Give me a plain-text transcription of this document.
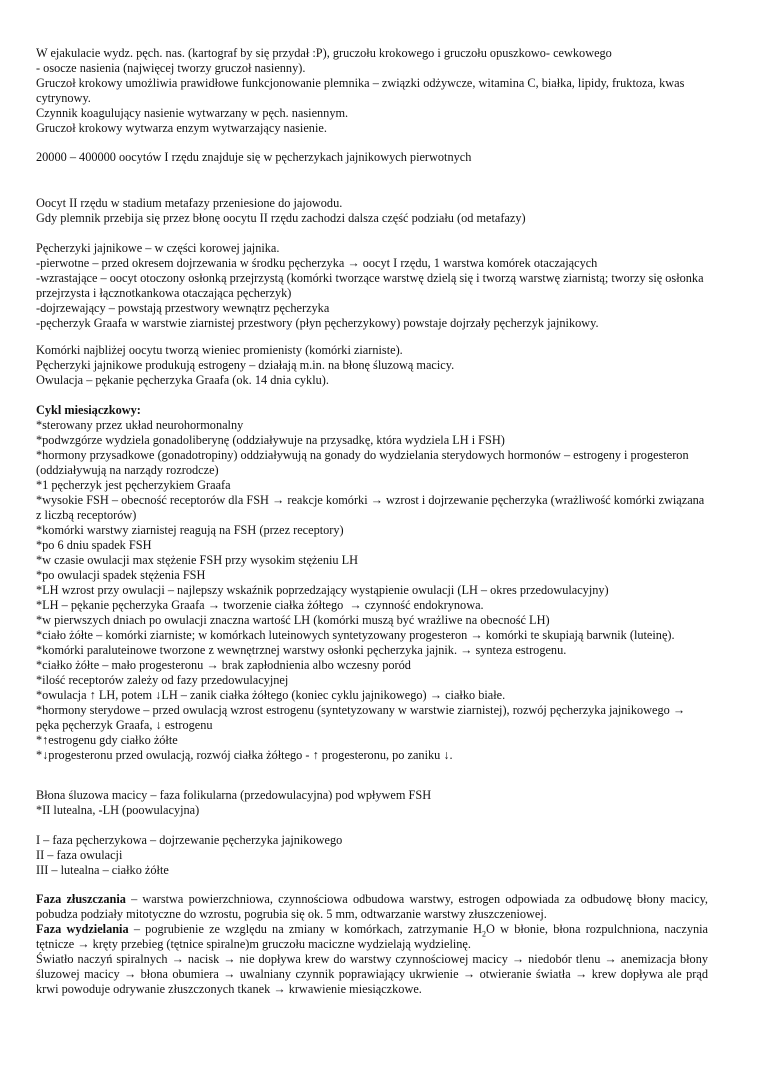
W ejakulacie wydz. pęch. nas. (kartograf by się przydał :P), gruczołu krokowego i gruczołu opuszkowo- cewkowego
- osocze nasienia (najwięcej tworzy gruczoł nasienny).
Gruczoł krokowy umożliwia prawidłowe funkcjonowanie plemnika – związki odżywcze, witamina C, białka, lipidy, fruktoza, kwas cytrynowy.
Czynnik koagulujący nasienie wytwarzany w pęch. nasiennym.
Gruczoł krokowy wytwarza enzym wytwarzający nasienie.
20000 – 400000 oocytów I rzędu znajduje się w pęcherzykach jajnikowych pierwotnych
Oocyt II rzędu w stadium metafazy przeniesione do jajowodu.
Gdy plemnik przebija się przez błonę oocytu II rzędu zachodzi dalsza część podziału (od metafazy)
Pęcherzyki jajnikowe – w części korowej jajnika.
-pierwotne – przed okresem dojrzewania w środku pęcherzyka → oocyt I rzędu, 1 warstwa komórek otaczających
-wzrastające – oocyt otoczony osłonką przejrzystą (komórki tworzące warstwę dzielą się i tworzą warstwę ziarnistą; tworzy się osłonka przejrzysta i łącznotkankowa otaczająca pęcherzyk)
-dojrzewający – powstają przestwory wewnątrz pęcherzyka
-pęcherzyk Graafa w warstwie ziarnistej przestwory (płyn pęcherzykowy) powstaje dojrzały pęcherzyk jajnikowy.
Komórki najbliżej oocytu tworzą wieniec promienisty (komórki ziarniste).
Pęcherzyki jajnikowe produkują estrogeny – działają m.in. na błonę śluzową macicy.
Owulacja – pękanie pęcherzyka Graafa (ok. 14 dnia cyklu).
Cykl miesiączkowy:
*sterowany przez układ neurohormonalny
*podwzgórze wydziela gonadoliberynę (oddziaływuje na przysadkę, która wydziela LH i FSH)
*hormony przysadkowe (gonadotropiny) oddziaływują na gonady do wydzielania sterydowych hormonów – estrogeny i progesteron (oddziaływują na narządy rozrodcze)
*1 pęcherzyk jest pęcherzykiem Graafa
*wysokie FSH – obecność receptorów dla FSH → reakcje komórki → wzrost i dojrzewanie pęcherzyka (wrażliwość komórki związana z liczbą receptorów)
*komórki warstwy ziarnistej reagują na FSH (przez receptory)
*po 6 dniu spadek FSH
*w czasie owulacji max stężenie FSH przy wysokim stężeniu LH
*po owulacji spadek stężenia FSH
*LH wzrost przy owulacji – najlepszy wskaźnik poprzedzający wystąpienie owulacji (LH – okres przedowulacyjny)
*LH – pękanie pęcherzyka Graafa → tworzenie ciałka żółtego  → czynność endokrynowa.
*w pierwszych dniach po owulacji znaczna wartość LH (komórki muszą być wrażliwe na obecność LH)
*ciało żółte – komórki ziarniste; w komórkach luteinowych syntetyzowany progesteron → komórki te skupiają barwnik (luteinę).
*komórki paraluteinowe tworzone z wewnętrznej warstwy osłonki pęcherzyka jajnik. → synteza estrogenu.
*ciałko żółte – mało progesteronu → brak zapłodnienia albo wczesny poród
*ilość receptorów zależy od fazy przedowulacyjnej
*owulacja ↑ LH, potem ↓LH – zanik ciałka żółtego (koniec cyklu jajnikowego) → ciałko białe.
*hormony sterydowe – przed owulacją wzrost estrogenu (syntetyzowany w warstwie ziarnistej), rozwój pęcherzyka jajnikowego → pęka pęcherzyk Graafa, ↓ estrogenu
*↑estrogenu gdy ciałko żółte
*↓progesteronu przed owulacją, rozwój ciałka żółtego - ↑ progesteronu, po zaniku ↓.
Błona śluzowa macicy – faza folikularna (przedowulacyjna) pod wpływem FSH
*II lutealna, -LH (poowulacyjna)
I – faza pęcherzykowa – dojrzewanie pęcherzyka jajnikowego
II – faza owulacji
III – lutealna – ciałko żółte
Faza złuszczania – warstwa powierzchniowa, czynnościowa odbudowa warstwy, estrogen odpowiada za odbudowę błony macicy, pobudza podziały mitotyczne do wzrostu, pogrubia się ok. 5 mm, odtwarzanie warstwy złuszczeniowej.
Faza wydzielania – pogrubienie ze względu na zmiany w komórkach, zatrzymanie $H_2O$ w błonie, błona rozpulchniona, naczynia tętnicze → kręty przebieg (tętnice spiralne)m gruczołu maciczne wydzielają wydzielinę.
Światło naczyń spiralnych → nacisk → nie dopływa krew do warstwy czynnościowej macicy → niedobór tlenu → anemizacja błony śluzowej macicy → błona obumiera → uwalniany czynnik poprawiający ukrwienie → otwieranie światła → krew dopływa ale prąd krwi powoduje odrywanie złuszczonych tkanek → krwawienie miesiączkowe.
